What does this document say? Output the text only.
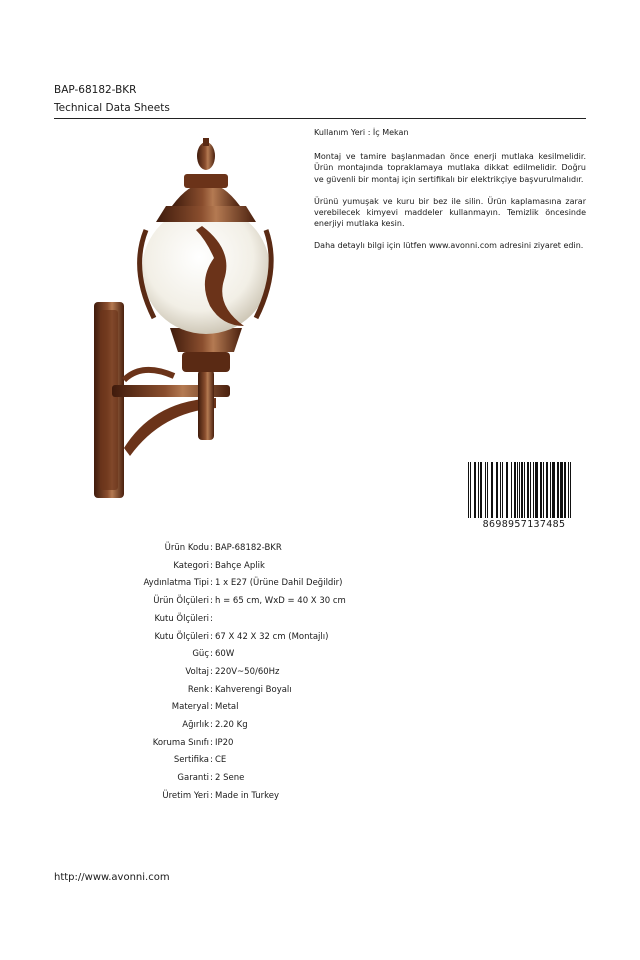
BAP-68182-BKR
Technical Data Sheets

Kullanım Yeri : İç Mekan

Montaj ve tamire başlanmadan önce enerji mutlaka kesilmelidir. Ürün montajında topraklamaya mutlaka dikkat edilmelidir. Doğru ve güvenli bir montaj için sertifikalı bir elektrikçiye başvurulmalıdır.

Ürünü yumuşak ve kuru bir bez ile silin. Ürün kaplamasına zarar verebilecek kimyevi maddeler kullanmayın. Temizlik öncesinde enerjiyi mutlaka kesin.

Daha detaylı bilgi için lütfen www.avonni.com adresini ziyaret edin.

8698957137485
Ürün Kodu : BAP-68182-BKR
Kategori : Bahçe Aplik
Aydınlatma Tipi : 1 x E27 (Ürüne Dahil Değildir)
Ürün Ölçüleri : h = 65 cm, WxD = 40 X 30 cm
Kutu Ölçüleri :
Kutu Ölçüleri : 67 X 42 X 32 cm (Montajlı)
Güç : 60W
Voltaj : 220V~50/60Hz
Renk : Kahverengi Boyalı
Materyal : Metal
Ağırlık : 2.20 Kg
Koruma Sınıfı : IP20
Sertifika : CE
Garanti : 2 Sene
Üretim Yeri : Made in Turkey
http://www.avonni.com
